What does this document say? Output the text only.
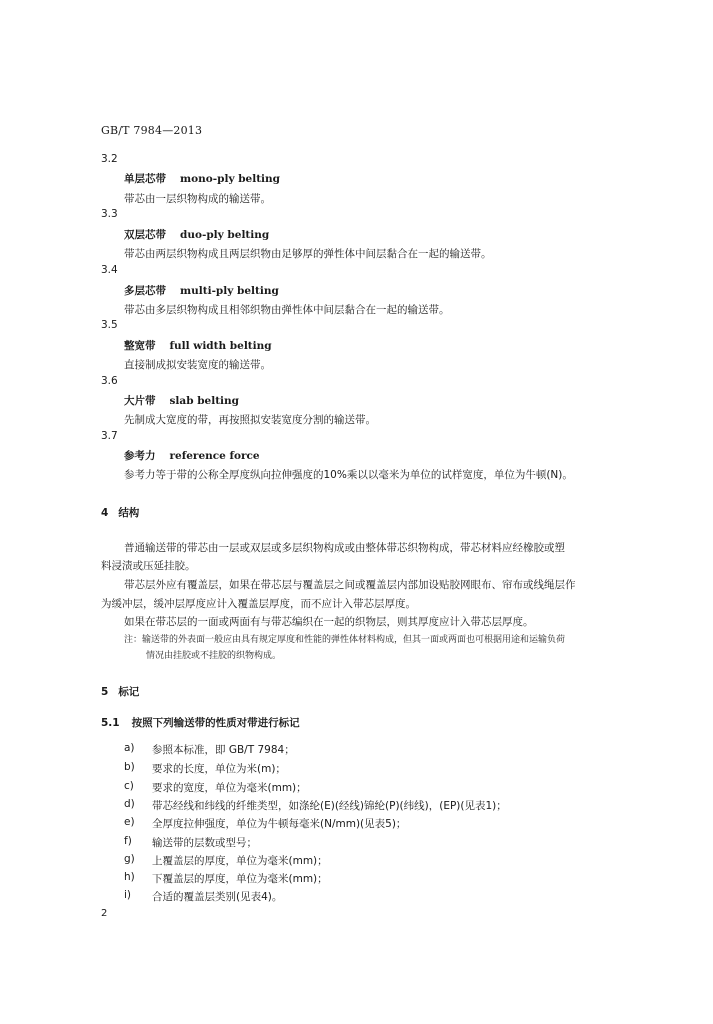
GB/T 7984—2013
3.2
单层芯带 mono-ply belting
带芯由一层织物构成的输送带。
3.3
双层芯带 duo-ply belting
带芯由两层织物构成且两层织物由足够厚的弹性体中间层黏合在一起的输送带。
3.4
多层芯带 multi-ply belting
带芯由多层织物构成且相邻织物由弹性体中间层黏合在一起的输送带。
3.5
整宽带 full width belting
直接制成拟安装宽度的输送带。
3.6
大片带 slab belting
先制成大宽度的带，再按照拟安装宽度分割的输送带。
3.7
参考力 reference force
参考力等于带的公称全厚度纵向拉伸强度的10%乘以以毫米为单位的试样宽度，单位为牛顿(N)。
4 结构
普通输送带的带芯由一层或双层或多层织物构成或由整体带芯织物构成，带芯材料应经橡胶或塑
料浸渍或压延挂胶。
带芯层外应有覆盖层，如果在带芯层与覆盖层之间或覆盖层内部加设贴胶网眼布、帘布或线绳层作
为缓冲层，缓冲层厚度应计入覆盖层厚度，而不应计入带芯层厚度。
如果在带芯层的一面或两面有与带芯编织在一起的织物层，则其厚度应计入带芯层厚度。
注：输送带的外表面一般应由具有规定厚度和性能的弹性体材料构成，但其一面或两面也可根据用途和运输负荷
情况由挂胶或不挂胶的织物构成。
5 标记
5.1 按照下列输送带的性质对带进行标记
a) 参照本标准，即 GB/T 7984；
b) 要求的长度，单位为米(m)；
c) 要求的宽度，单位为毫米(mm)；
d) 带芯经线和纬线的纤维类型，如涤纶(E)(经线)锦纶(P)(纬线)，(EP)(见表1)；
e) 全厚度拉伸强度，单位为牛顿每毫米(N/mm)(见表5)；
f) 输送带的层数或型号；
g) 上覆盖层的厚度，单位为毫米(mm)；
h) 下覆盖层的厚度，单位为毫米(mm)；
i) 合适的覆盖层类别(见表4)。
2
